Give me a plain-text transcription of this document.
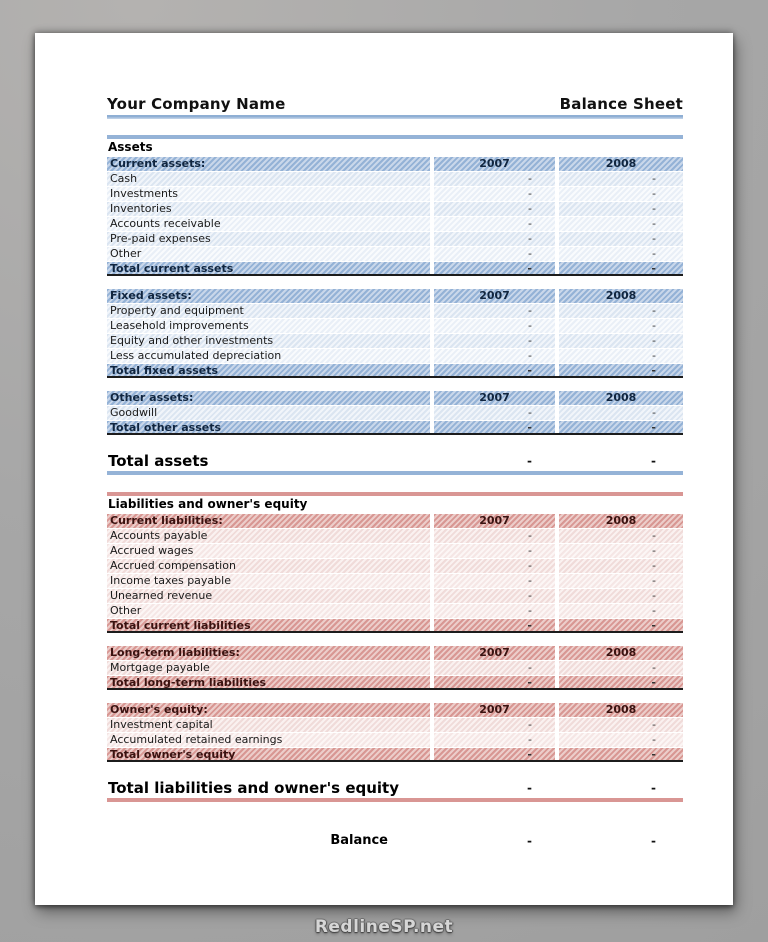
Your Company Name	Balance Sheet
Assets
Current assets:	2007	2008
Cash	-	-
Investments	-	-
Inventories	-	-
Accounts receivable	-	-
Pre-paid expenses	-	-
Other	-	-
Total current assets	-	-
Fixed assets:	2007	2008
Property and equipment	-	-
Leasehold improvements	-	-
Equity and other investments	-	-
Less accumulated depreciation	-	-
Total fixed assets	-	-
Other assets:	2007	2008
Goodwill	-	-
Total other assets	-	-
Total assets	-	-
Liabilities and owner's equity
Current liabilities:	2007	2008
Accounts payable	-	-
Accrued wages	-	-
Accrued compensation	-	-
Income taxes payable	-	-
Unearned revenue	-	-
Other	-	-
Total current liabilities	-	-
Long-term liabilities:	2007	2008
Mortgage payable	-	-
Total long-term liabilities	-	-
Owner's equity:	2007	2008
Investment capital	-	-
Accumulated retained earnings	-	-
Total owner's equity	-	-
Total liabilities and owner's equity	-	-
Balance	-	-
RedlineSP.net
